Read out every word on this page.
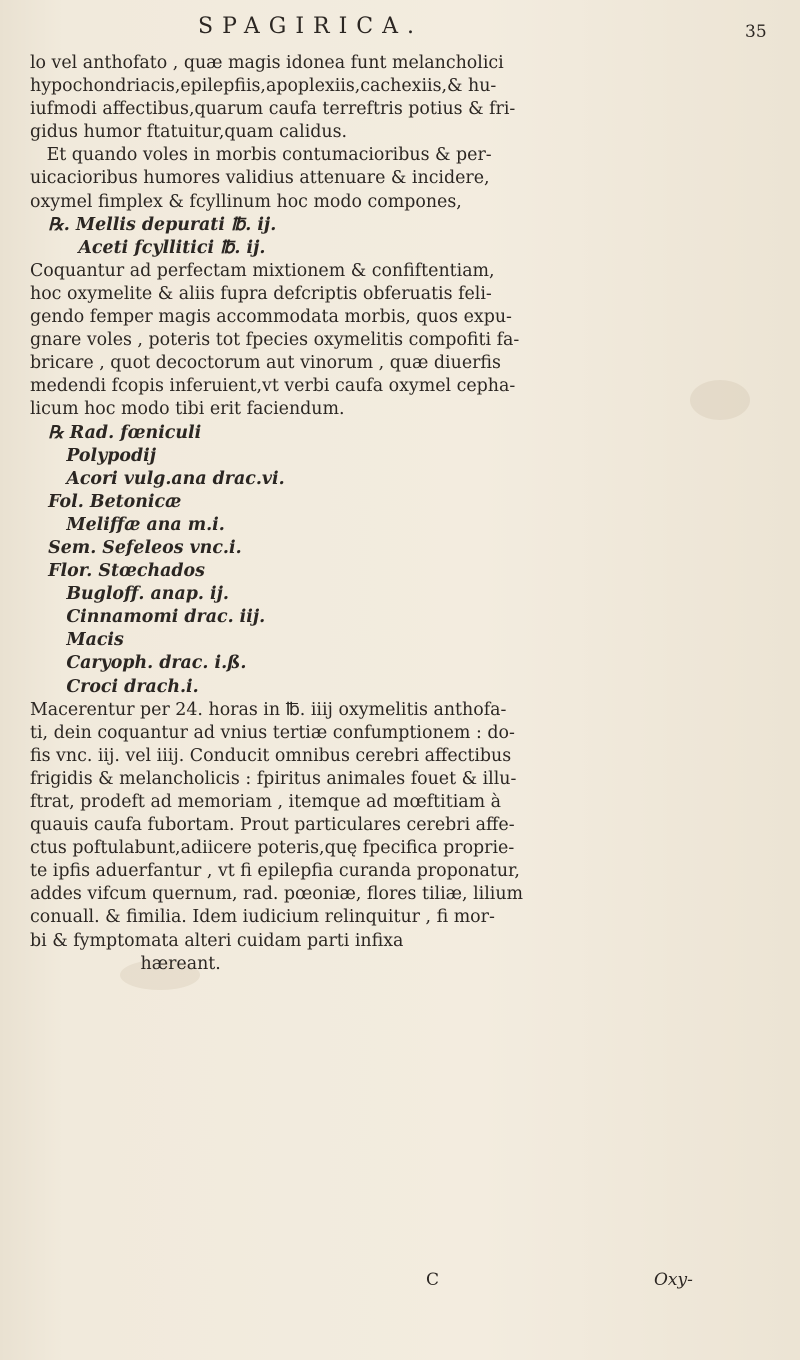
SPAGIRICA.	35
lo vel anthofato , quæ magis idonea funt melancholici
hypochondriacis,epilepfiis,apoplexiis,cachexiis,& hu-
iufmodi affectibus,quarum caufa terreftris potius & fri-
gidus humor ftatuitur,quam calidus.
Et quando voles in morbis contumacioribus & per-
uicacioribus humores validius attenuare & incidere,
oxymel fimplex & fcyllinum hoc modo compones,
℞. Mellis depurati ℔. ij.
Aceti fcyllitici ℔. ij.
Coquantur ad perfectam mixtionem & confiftentiam,
hoc oxymelite & aliis fupra defcriptis obferuatis feli-
gendo femper magis accommodata morbis, quos expu-
gnare voles , poteris tot fpecies oxymelitis compofiti fa-
bricare , quot decoctorum aut vinorum , quæ diuerfis
medendi fcopis inferuient,vt verbi caufa oxymel cepha-
licum hoc modo tibi erit faciendum.
℞ Rad. fœniculi
Polypodij
Acori vulg.ana drac.vi.
Fol. Betonicæ
Meliffæ ana m.i.
Sem. Sefeleos vnc.i.
Flor. Stœchados
Bugloff. anap. ij.
Cinnamomi drac. iij.
Macis
Caryoph. drac. i.ß.
Croci drach.i.
Macerentur per 24. horas in ℔. iiij oxymelitis anthofa-
ti, dein coquantur ad vnius tertiæ confumptionem : do-
fis vnc. iij. vel iiij. Conducit omnibus cerebri affectibus
frigidis & melancholicis : fpiritus animales fouet & illu-
ftrat, prodeft ad memoriam , itemque ad mœftitiam à
quauis caufa fubortam. Prout particulares cerebri affe-
ctus poftulabunt,adiicere poteris,quę fpecifica proprie-
te ipfis aduerfantur , vt fi epilepfia curanda proponatur,
addes vifcum quernum, rad. pœoniæ, flores tiliæ, lilium
conuall. & fimilia. Idem iudicium relinquitur , fi mor-
bi & fymptomata alteri cuidam parti infixa
hæreant.
C	Oxy-
